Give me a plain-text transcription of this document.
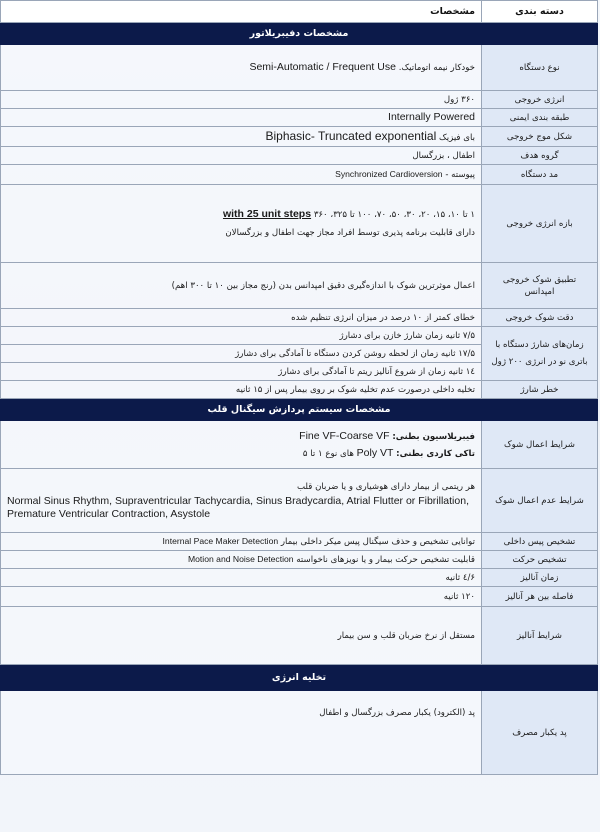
دسته بندی	مشخصات
مشخصات دفیبریلاتور	
نوع دستگاه	خودکار نیمه اتوماتیک. Semi-Automatic / Frequent Use
انرژی خروجی	۳۶۰ ژول
طبقه بندی ایمنی	Internally Powered
شکل موج خروجی	بای فیزیک Biphasic- Truncated exponential
گروه هدف	اطفال ، بزرگسال
مد دستگاه	پیوسته - Synchronized Cardioversion
بازه انرژی خروجی	۱ تا ۱۰، ۱۵، ۲۰، ۳۰، ۵۰، ۷۰، ۱۰۰ تا ۳۲۵، ۳۶۰ with 25 unit steps
دارای قابلیت برنامه پذیری توسط افراد مجاز جهت اطفال و بزرگسالان

تطبیق شوک خروجی امپدانس	اعمال موثرترین شوک با اندازه‌گیری دقیق امپدانس بدن (رنج مجاز بین ۱۰ تا ۳۰۰ اهم)
دقت شوک خروجی	خطای کمتر از ۱۰ درصد در میزان انرژی تنظیم شده
زمان‌های شارژ دستگاه با باتری نو در انرژی ۲۰۰ ژول	۷/۵ ثانیه زمان شارژ خازن برای دشارژ
	۱۷/۵ ثانیه زمان از لحظه روشن کردن دستگاه تا آمادگی برای دشارژ
	۱٤ ثانیه زمان از شروع آنالیز ریتم تا آمادگی برای دشارژ
خطر شارژ	تخلیه داخلی درصورت عدم تخلیه شوک بر روی بیمار پس از ۱۵ ثانیه
مشخصات سیستم پردازش سیگنال قلب	
شرایط اعمال شوک	فیبریلاسیون بطنی: Fine VF-Coarse VF
تاکی کاردی بطنی: Poly VT های نوع ۱ تا ۵

شرایط عدم اعمال شوک	هر ریتمی از بیمار دارای هوشیاری و یا ضربان قلب
Normal Sinus Rhythm, Supraventricular Tachycardia, Sinus Bradycardia, Atrial Flutter or Fibrillation, Premature Ventricular Contraction, Asystole

تشخیص پیس داخلی	توانایی تشخیص و حذف سیگنال پیس میکر داخلی بیمار Internal Pace Maker Detection
تشخیص حرکت	قابلیت تشخیص حرکت بیمار و یا نویزهای ناخواسته Motion and Noise Detection
زمان آنالیز	۶/٤ ثانیه
فاصله بین هر آنالیز	۱۲۰ ثانیه
شرایط آنالیز	مستقل از نرخ ضربان قلب و سن بیمار
تخلیه انرژی	
پد یکبار مصرف	پد (الکترود) یکبار مصرف بزرگسال و اطفال
